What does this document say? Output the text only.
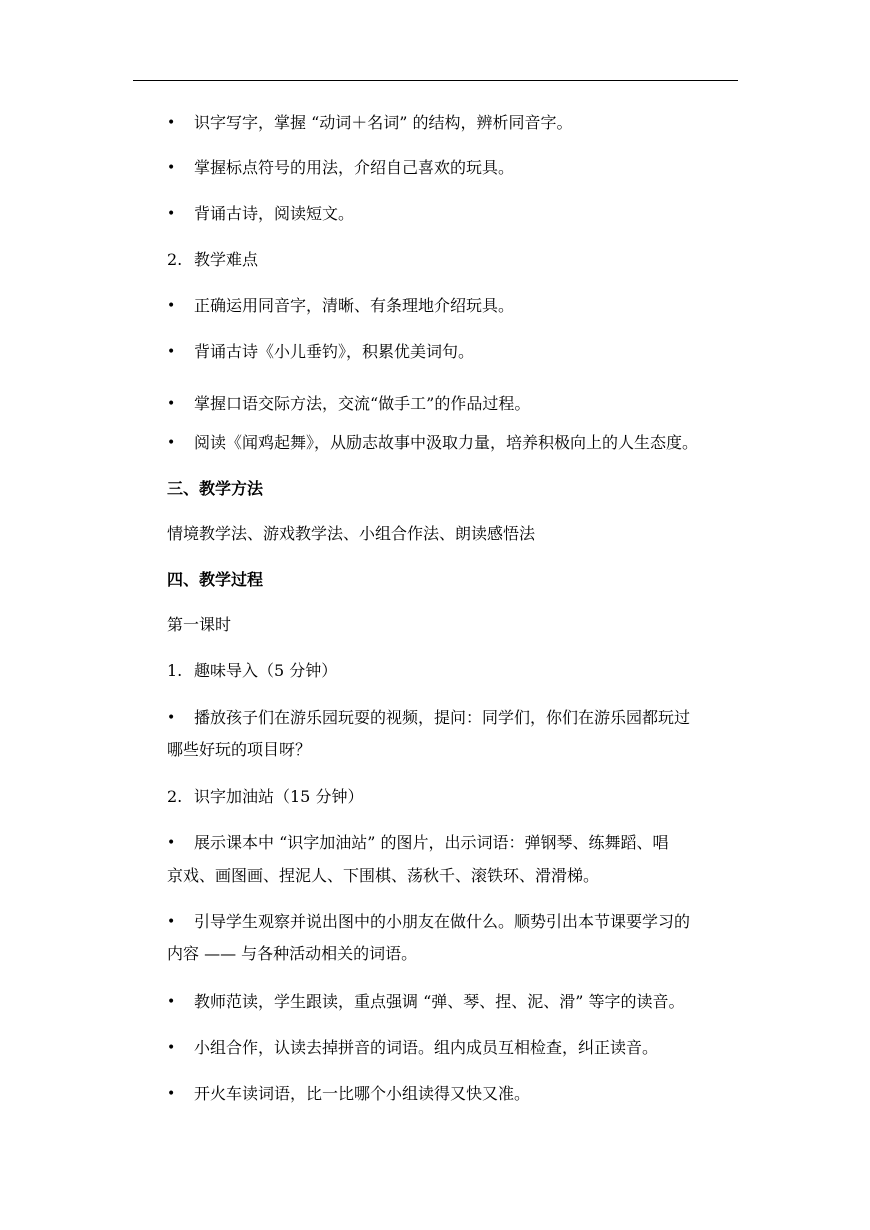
• 识字写字，掌握 “动词＋名词” 的结构，辨析同音字。
• 掌握标点符号的用法，介绍自己喜欢的玩具。
• 背诵古诗，阅读短文。
2. 教学难点
• 正确运用同音字，清晰、有条理地介绍玩具。
• 背诵古诗《小儿垂钓》，积累优美词句。
• 掌握口语交际方法，交流“做手工”的作品过程。
• 阅读《闻鸡起舞》，从励志故事中汲取力量，培养积极向上的人生态度。
三、教学方法
情境教学法、游戏教学法、小组合作法、朗读感悟法
四、教学过程
第一课时
1. 趣味导入（5 分钟）
• 播放孩子们在游乐园玩耍的视频，提问：同学们，你们在游乐园都玩过
哪些好玩的项目呀？
2. 识字加油站（15 分钟）
• 展示课本中 “识字加油站” 的图片，出示词语：弹钢琴、练舞蹈、唱
京戏、画图画、捏泥人、下围棋、荡秋千、滚铁环、滑滑梯。
• 引导学生观察并说出图中的小朋友在做什么。顺势引出本节课要学习的
内容 —— 与各种活动相关的词语。
• 教师范读，学生跟读，重点强调 “弹、琴、捏、泥、滑” 等字的读音。
• 小组合作，认读去掉拼音的词语。组内成员互相检查，纠正读音。
• 开火车读词语，比一比哪个小组读得又快又准。
